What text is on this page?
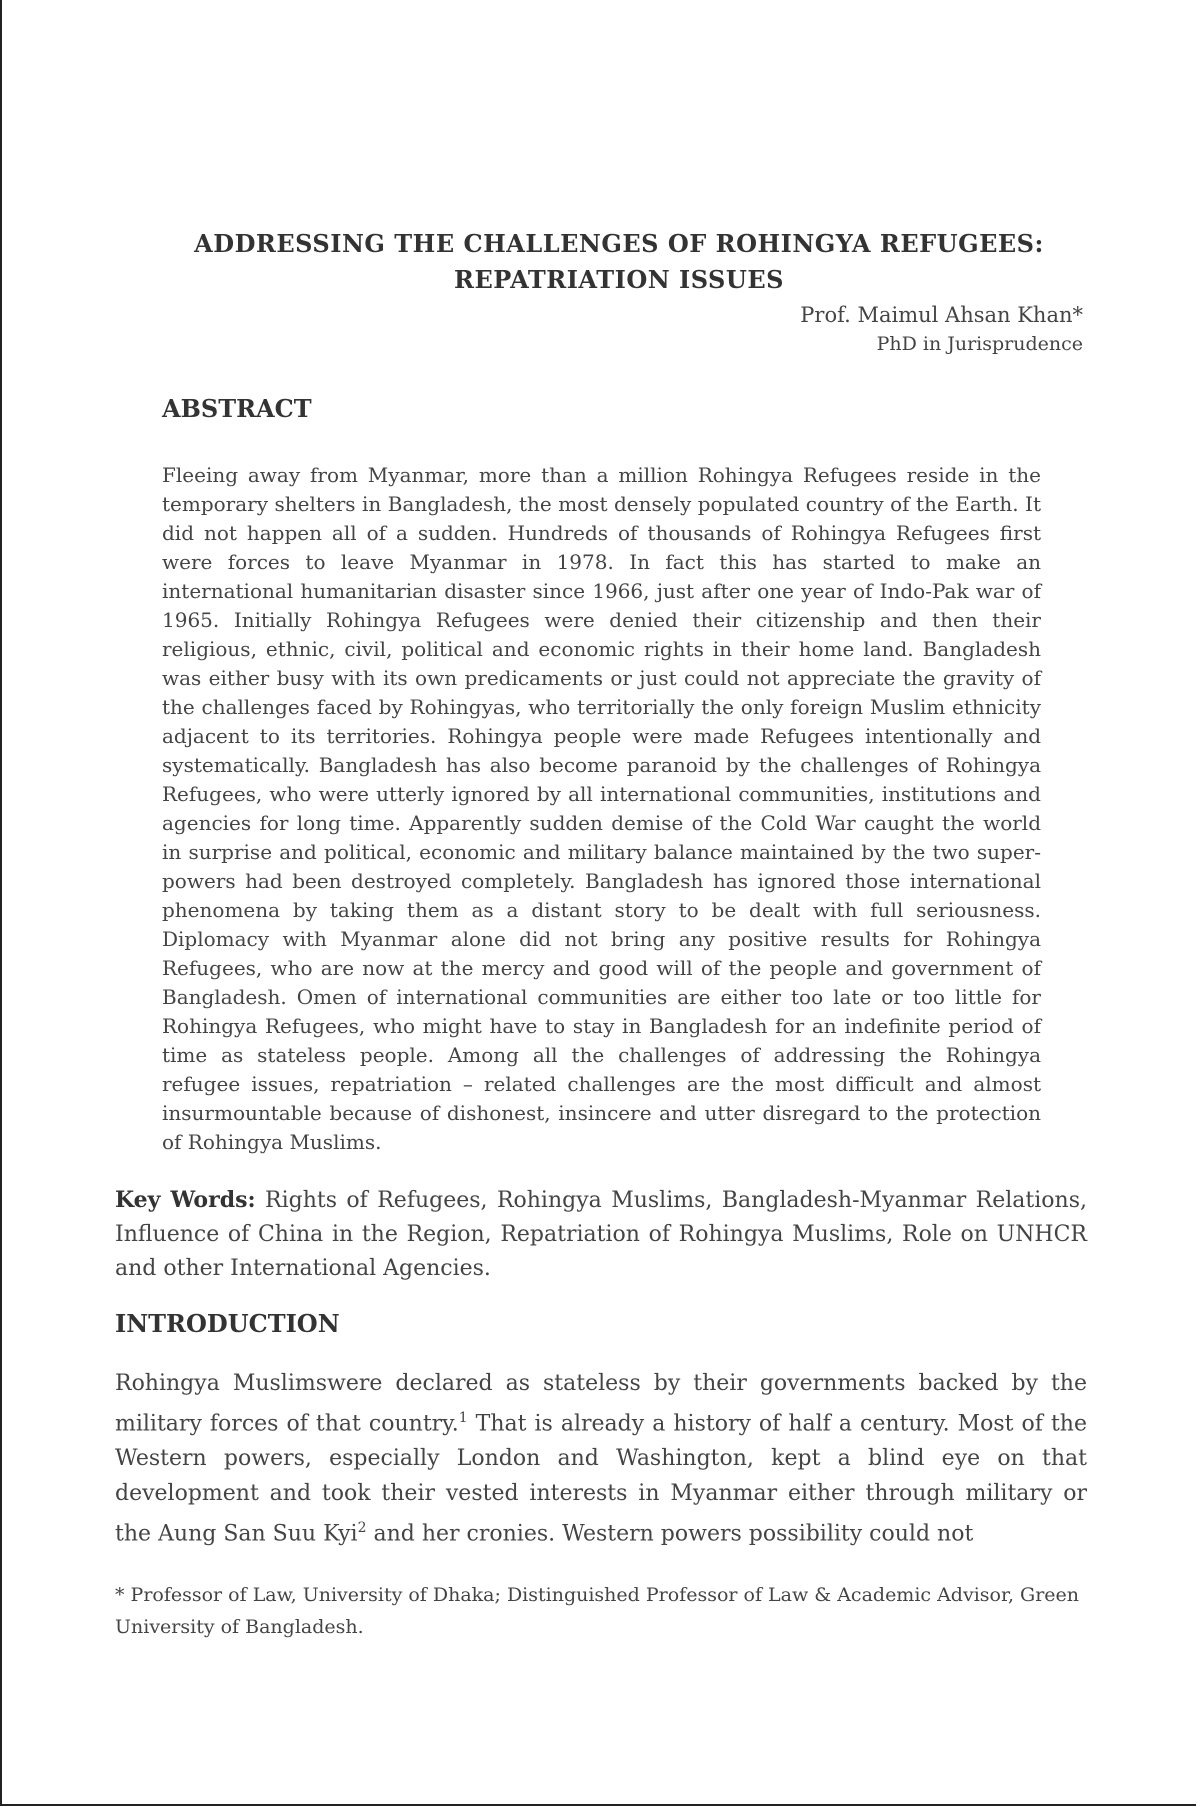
ADDRESSING THE CHALLENGES OF ROHINGYA REFUGEES:
REPATRIATION ISSUES
Prof. Maimul Ahsan Khan*
PhD in Jurisprudence
ABSTRACT

Fleeing away from Myanmar, more than a million Rohingya Refugees reside in the temporary shelters in Bangladesh, the most densely populated country of the Earth. It did not happen all of a sudden. Hundreds of thousands of Rohingya Refugees first were forces to leave Myanmar in 1978. In fact this has started to make an international humanitarian disaster since 1966, just after one year of Indo-Pak war of 1965. Initially Rohingya Refugees were denied their citizenship and then their religious, ethnic, civil, political and economic rights in their home land. Bangladesh was either busy with its own predicaments or just could not appreciate the gravity of the challenges faced by Rohingyas, who territorially the only foreign Muslim ethnicity adjacent to its territories. Rohingya people were made Refugees intentionally and systematically. Bangladesh has also become paranoid by the challenges of Rohingya Refugees, who were utterly ignored by all international communities, institutions and agencies for long time. Apparently sudden demise of the Cold War caught the world in surprise and political, economic and military balance maintained by the two super-powers had been destroyed completely. Bangladesh has ignored those international phenomena by taking them as a distant story to be dealt with full seriousness. Diplomacy with Myanmar alone did not bring any positive results for Rohingya Refugees, who are now at the mercy and good will of the people and government of Bangladesh. Omen of international communities are either too late or too little for Rohingya Refugees, who might have to stay in Bangladesh for an indefinite period of time as stateless people. Among all the challenges of addressing the Rohingya refugee issues, repatriation – related challenges are the most difficult and almost insurmountable because of dishonest, insincere and utter disregard to the protection of Rohingya Muslims.

Key Words: Rights of Refugees, Rohingya Muslims, Bangladesh-Myanmar Relations, Influence of China in the Region, Repatriation of Rohingya Muslims, Role on UNHCR and other International Agencies.

INTRODUCTION

Rohingya Muslimswere declared as stateless by their governments backed by the military forces of that country.$^1$ That is already a history of half a century. Most of the Western powers, especially London and Washington, kept a blind eye on that development and took their vested interests in Myanmar either through military or the Aung San Suu Kyi$^2$ and her cronies. Western powers possibility could not

* Professor of Law, University of Dhaka; Distinguished Professor of Law & Academic Advisor, Green University of Bangladesh.
